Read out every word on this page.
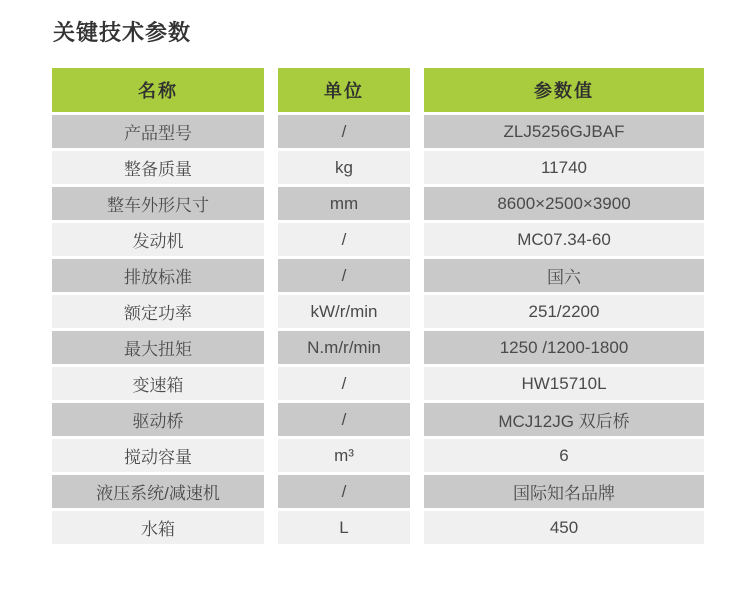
关键技术参数
名称	单位	参数值
产品型号	/	ZLJ5256GJBAF
整备质量	kg	11740
整车外形尺寸	mm	8600×2500×3900
发动机	/	MC07.34-60
排放标准	/	国六
额定功率	kW/r/min	251/2200
最大扭矩	N.m/r/min	1250 /1200-1800
变速箱	/	HW15710L
驱动桥	/	MCJ12JG 双后桥
搅动容量	m³	6
液压系统/减速机	/	国际知名品牌
水箱	L	450
